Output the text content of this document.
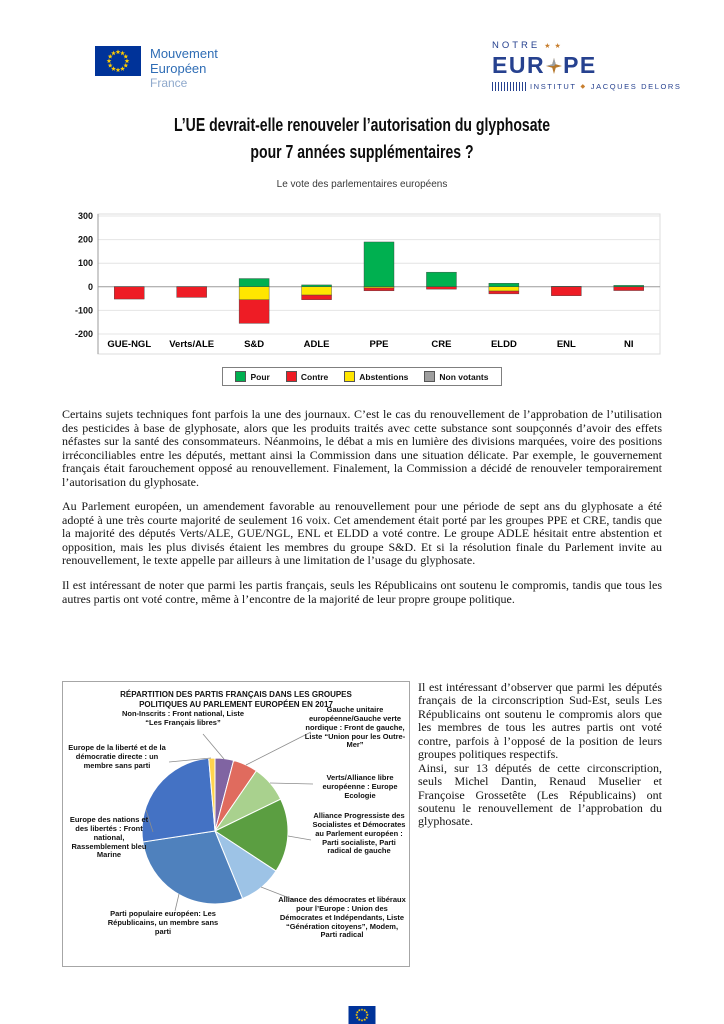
Mouvement
Européen
France
NOTRE ★ ★
EUR PE
INSTITUT ◆ JACQUES DELORS
L’UE devrait-elle renouveler l’autorisation du glyphosate
pour 7 années supplémentaires ?
Le vote des parlementaires européens
300
200
100
0
-100
-200
GUE-NGL Verts/ALE	S&D	ADLE	PPE	CRE	ELDD	ENL	NI
Pour	Contre	Abstentions	Non votants

Certains sujets techniques font parfois la une des journaux. C’est le cas du renouvellement de l’approbation de l’utilisation des pesticides à base de glyphosate, alors que les produits traités avec cette substance sont soupçonnés d’avoir des effets néfastes sur la santé des consommateurs. Néanmoins, le débat a mis en lumière des divisions marquées, voire des positions irréconciliables entre les députés, mettant ainsi la Commission dans une situation délicate. Par exemple, le gouvernement français était farouchement opposé au renouvellement. Finalement, la Commission a décidé de renouveler temporairement l’autorisation du glyphosate.

Au Parlement européen, un amendement favorable au renouvellement pour une période de sept ans du glyphosate a été adopté à une très courte majorité de seulement 16 voix. Cet amendement était porté par les groupes PPE et CRE, tandis que la majorité des députés Verts/ALE, GUE/NGL, ENL et ELDD a voté contre. Le groupe ADLE hésitait entre abstention et opposition, mais les plus divisés étaient les membres du groupe S&D. Et si la résolution finale du Parlement invite au renouvellement, le texte appelle par ailleurs à une limitation de l’usage du glyphosate.

Il est intéressant de noter que parmi les partis français, seuls les Républicains ont soutenu le compromis, tandis que tous les autres partis ont voté contre, même à l’encontre de la majorité de leur propre groupe politique.

RÉPARTITION DES PARTIS FRANÇAIS DANS LES GROUPES POLITIQUES AU PARLEMENT EUROPÉEN EN 2017
Non-Inscrits : Front national, Liste “Les Français libres”
Gauche unitaire européenne/Gauche verte nordique : Front de gauche, Liste “Union pour les Outre-Mer”
Verts/Alliance libre européenne : Europe Ecologie
Alliance Progressiste des Socialistes et Démocrates au Parlement européen : Parti socialiste, Parti radical de gauche
Alliance des démocrates et libéraux pour l’Europe : Union des Démocrates et Indépendants, Liste “Génération citoyens”, Modem, Parti radical
Parti populaire européen: Les Républicains, un membre sans parti
Europe des nations et des libertés : Front national, Rassemblement bleu Marine
Europe de la liberté et de la démocratie directe : un membre sans parti

Il est intéressant d’observer que parmi les députés français de la circonscription Sud-Est, seuls Les Républicains ont soutenu le compromis alors que les membres de tous les autres partis ont voté contre, parfois à l’opposé de la position de leurs groupes politiques respectifs.

Ainsi, sur 13 députés de cette circonscription, seuls Michel Dantin, Renaud Muselier et Françoise Grossetête (Les Républicains) ont soutenu le renouvellement de l’approbation du glyphosate.
